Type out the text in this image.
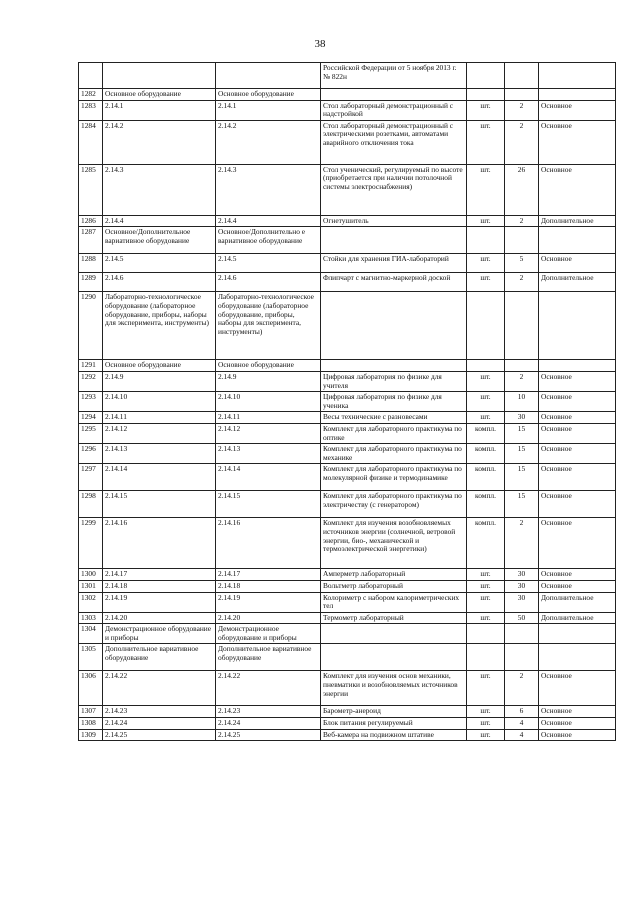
38
			Российской Федерации от 5 ноября 2013 г. № 822н			
1282	Основное оборудование	Основное оборудование				
1283	2.14.1	2.14.1	Стол лабораторный демонстрационный с надстройкой	шт.	2	Основное
1284	2.14.2	2.14.2	Стол лабораторный демонстрационный с электрическими розетками, автоматами аварийного отключения тока	шт.	2	Основное
1285	2.14.3	2.14.3	Стол ученический, регулируемый по высоте (приобретается при наличии потолочной системы электроснабжения)	шт.	26	Основное
1286	2.14.4	2.14.4	Огнетушитель	шт.	2	Дополнительное
1287	Основное/Дополнительное вариативное оборудование	Основное/Дополнительно е вариативное оборудование				
1288	2.14.5	2.14.5	Стойки для хранения ГИА-лабораторий	шт.	5	Основное
1289	2.14.6	2.14.6	Флипчарт с магнитно-маркерной доской	шт.	2	Дополнительное
1290	Лабораторно-технологическое оборудование (лабораторное оборудование, приборы, наборы для эксперимента, инструменты)	Лабораторно-технологическое оборудование (лабораторное оборудование, приборы, наборы для эксперимента, инструменты)				
1291	Основное оборудование	Основное оборудование				
1292	2.14.9	2.14.9	Цифровая лаборатория по физике для учителя	шт.	2	Основное
1293	2.14.10	2.14.10	Цифровая лаборатория по физике для ученика	шт.	10	Основное
1294	2.14.11	2.14.11	Весы технические с разновесами	шт.	30	Основное
1295	2.14.12	2.14.12	Комплект для лабораторного практикума по оптике	компл.	15	Основное
1296	2.14.13	2.14.13	Комплект для лабораторного практикума по механике	компл.	15	Основное
1297	2.14.14	2.14.14	Комплект для лабораторного практикума по молекулярной физике и термодинамике	компл.	15	Основное
1298	2.14.15	2.14.15	Комплект для лабораторного практикума по электричеству (с генератором)	компл.	15	Основное
1299	2.14.16	2.14.16	Комплект для изучения возобновляемых источников энергии (солнечной, ветровой энергии, био-, механической и термоэлектрической энергетики)	компл.	2	Основное
1300	2.14.17	2.14.17	Амперметр лабораторный	шт.	30	Основное
1301	2.14.18	2.14.18	Вольтметр лабораторный	шт.	30	Основное
1302	2.14.19	2.14.19	Колориметр с набором калориметрических тел	шт.	30	Дополнительное
1303	2.14.20	2.14.20	Термометр лабораторный	шт.	50	Дополнительное
1304	Демонстрационное оборудование и приборы	Демонстрационное оборудование и приборы				
1305	Дополнительное вариативное оборудование	Дополнительное вариативное оборудование				
1306	2.14.22	2.14.22	Комплект для изучения основ механики, пневматики и возобновляемых источников энергии	шт.	2	Основное
1307	2.14.23	2.14.23	Барометр-анероид	шт.	6	Основное
1308	2.14.24	2.14.24	Блок питания регулируемый	шт.	4	Основное
1309	2.14.25	2.14.25	Веб-камера на подвижном штативе	шт.	4	Основное
